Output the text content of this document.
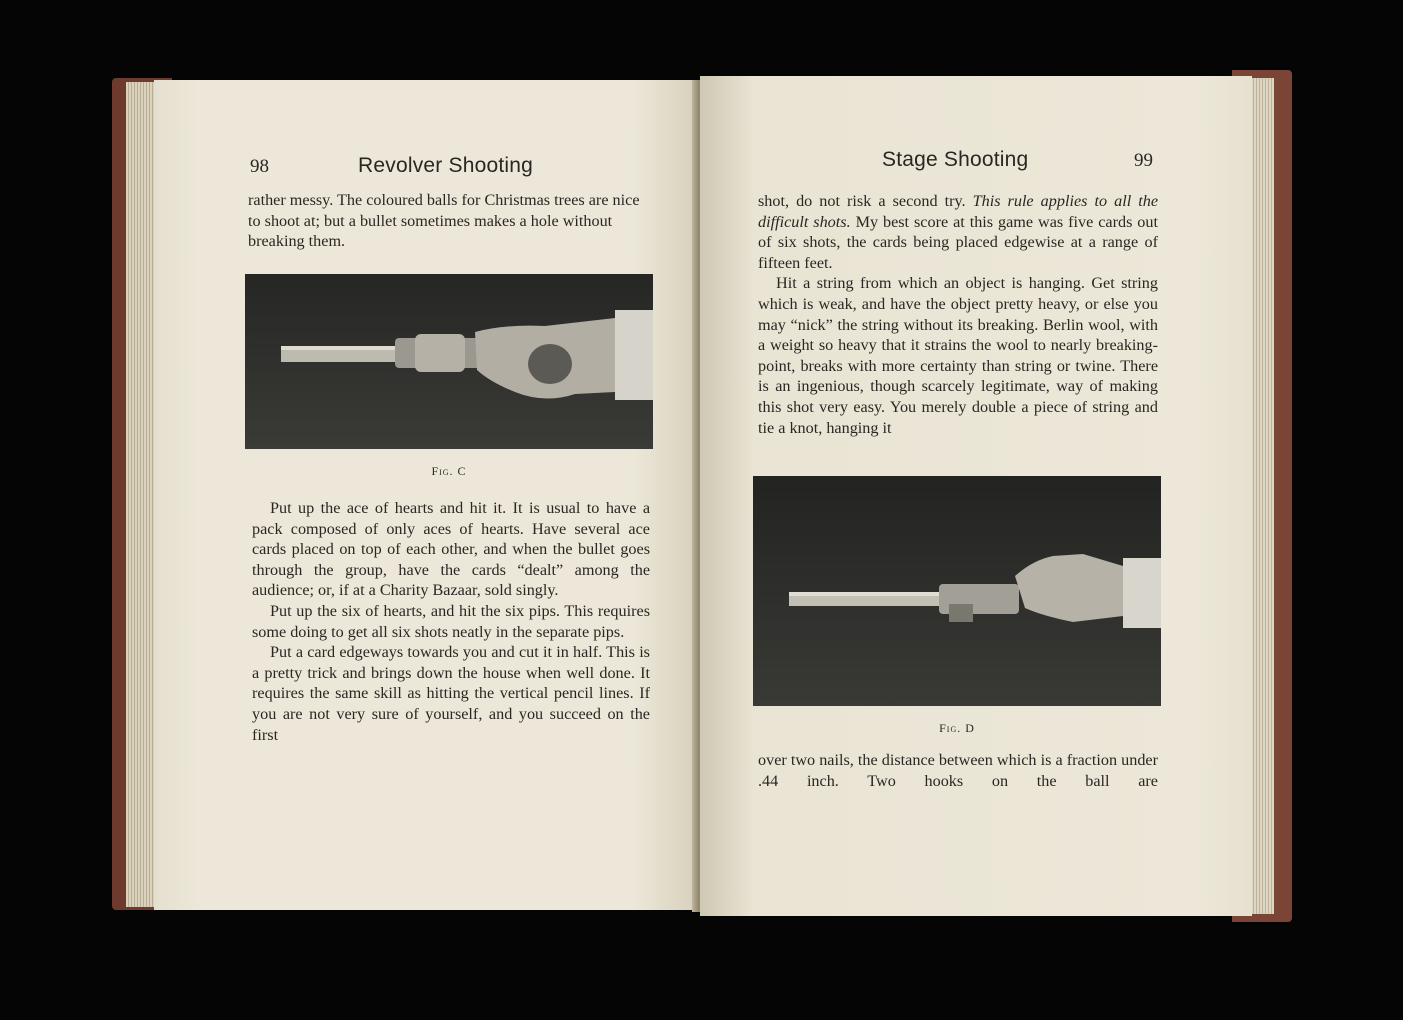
98	Revolver Shooting

rather messy. The coloured balls for Christmas trees are nice to shoot at; but a bullet sometimes makes a hole without breaking them.

Fig. C

Put up the ace of hearts and hit it. It is usual to have a pack composed of only aces of hearts. Have several ace cards placed on top of each other, and when the bullet goes through the group, have the cards “dealt” among the audience; or, if at a Charity Bazaar, sold singly.

Put up the six of hearts, and hit the six pips. This requires some doing to get all six shots neatly in the separate pips.

Put a card edgeways towards you and cut it in half. This is a pretty trick and brings down the house when well done. It requires the same skill as hitting the vertical pencil lines. If you are not very sure of yourself, and you succeed on the first

Stage Shooting	99

shot, do not risk a second try. This rule applies to all the difficult shots. My best score at this game was five cards out of six shots, the cards being placed edgewise at a range of fifteen feet.

Hit a string from which an object is hanging. Get string which is weak, and have the object pretty heavy, or else you may “nick” the string without its breaking. Berlin wool, with a weight so heavy that it strains the wool to nearly breaking-point, breaks with more certainty than string or twine. There is an ingenious, though scarcely legitimate, way of making this shot very easy. You merely double a piece of string and tie a knot, hanging it

Fig. D

over two nails, the distance between which is a fraction under .44 inch. Two hooks on the ball are
